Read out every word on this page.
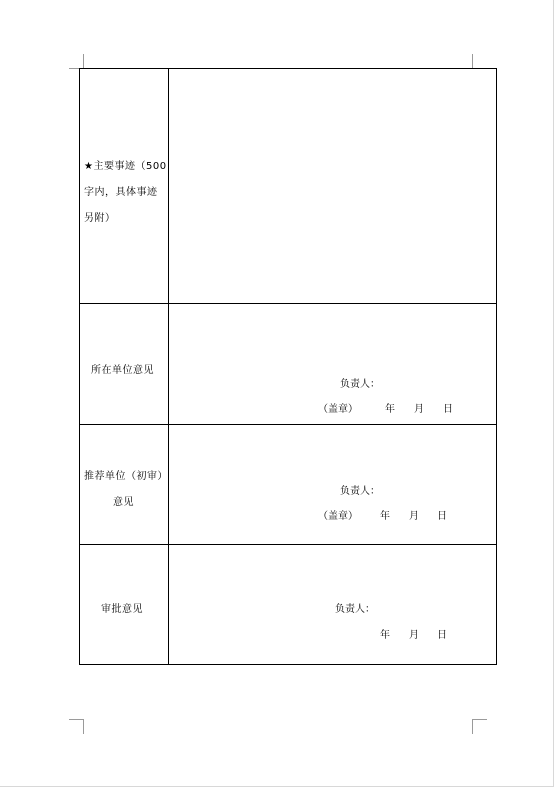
★主要事迹（500
字内，具体事迹
另附）
所在单位意见
负责人：
（盖章）	年 月 日
推荐单位（初审）
意见
负责人：
（盖章） 年 月 日
审批意见	负责人：
年 月 日
